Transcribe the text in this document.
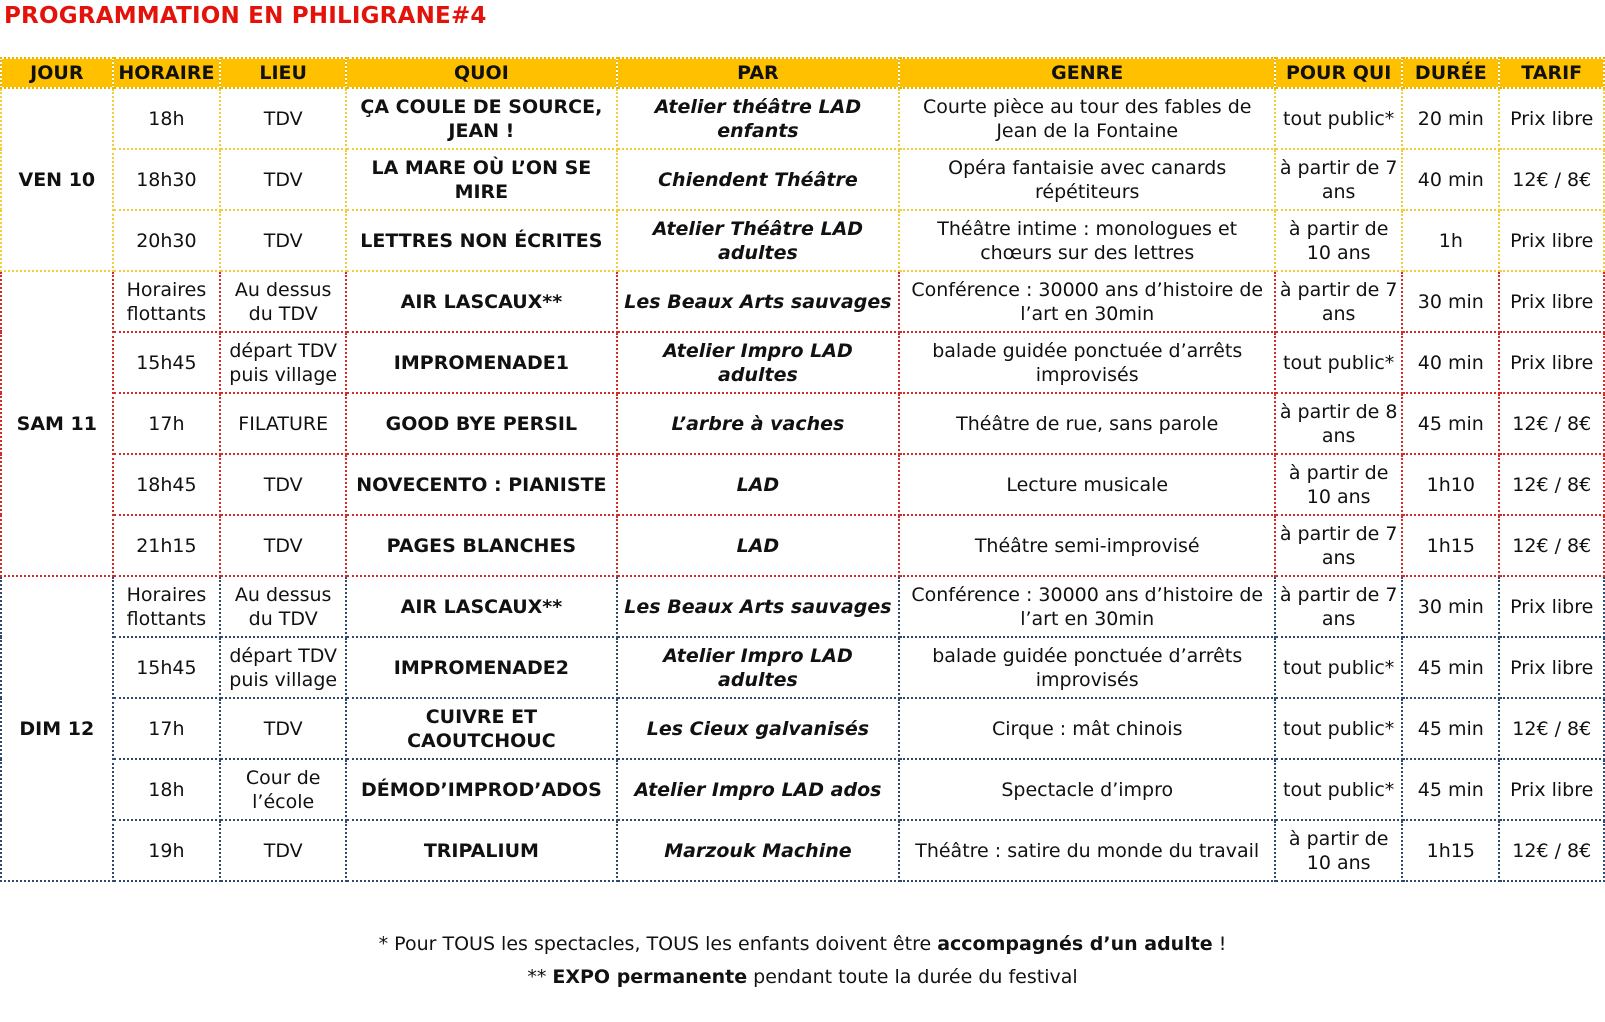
PROGRAMMATION EN PHILIGRANE#4
JOUR	HORAIRE	LIEU	QUOI	PAR	GENRE	POUR QUI	DURÉE	TARIF
VEN 10	18h	TDV	ÇA COULE DE SOURCE, JEAN !	Atelier théâtre LAD enfants	Courte pièce au tour des fables de Jean de la Fontaine	tout public*	20 min	Prix libre
	18h30	TDV	LA MARE OÙ L’ON SE MIRE	Chiendent Théâtre	Opéra fantaisie avec canards répétiteurs	à partir de 7 ans	40 min	12€ / 8€
	20h30	TDV	LETTRES NON ÉCRITES	Atelier Théâtre LAD adultes	Théâtre intime : monologues et chœurs sur des lettres	à partir de 10 ans	1h	Prix libre
SAM 11	Horaires flottants	Au dessus du TDV	AIR LASCAUX**	Les Beaux Arts sauvages	Conférence : 30000 ans d’histoire de l’art en 30min	à partir de 7 ans	30 min	Prix libre
	15h45	départ TDV puis village	IMPROMENADE1	Atelier Impro LAD adultes	balade guidée ponctuée d’arrêts improvisés	tout public*	40 min	Prix libre
	17h	FILATURE	GOOD BYE PERSIL	L’arbre à vaches	Théâtre de rue, sans parole	à partir de 8 ans	45 min	12€ / 8€
	18h45	TDV	NOVECENTO : PIANISTE	LAD	Lecture musicale	à partir de 10 ans	1h10	12€ / 8€
	21h15	TDV	PAGES BLANCHES	LAD	Théâtre semi-improvisé	à partir de 7 ans	1h15	12€ / 8€
DIM 12	Horaires flottants	Au dessus du TDV	AIR LASCAUX**	Les Beaux Arts sauvages	Conférence : 30000 ans d’histoire de l’art en 30min	à partir de 7 ans	30 min	Prix libre
	15h45	départ TDV puis village	IMPROMENADE2	Atelier Impro LAD adultes	balade guidée ponctuée d’arrêts improvisés	tout public*	45 min	Prix libre
	17h	TDV	CUIVRE ET CAOUTCHOUC	Les Cieux galvanisés	Cirque : mât chinois	tout public*	45 min	12€ / 8€
	18h	Cour de l’école	DÉMOD’IMPROD’ADOS	Atelier Impro LAD ados	Spectacle d’impro	tout public*	45 min	Prix libre
	19h	TDV	TRIPALIUM	Marzouk Machine	Théâtre : satire du monde du travail	à partir de 10 ans	1h15	12€ / 8€
* Pour TOUS les spectacles, TOUS les enfants doivent être accompagnés d’un adulte !
** EXPO permanente pendant toute la durée du festival
